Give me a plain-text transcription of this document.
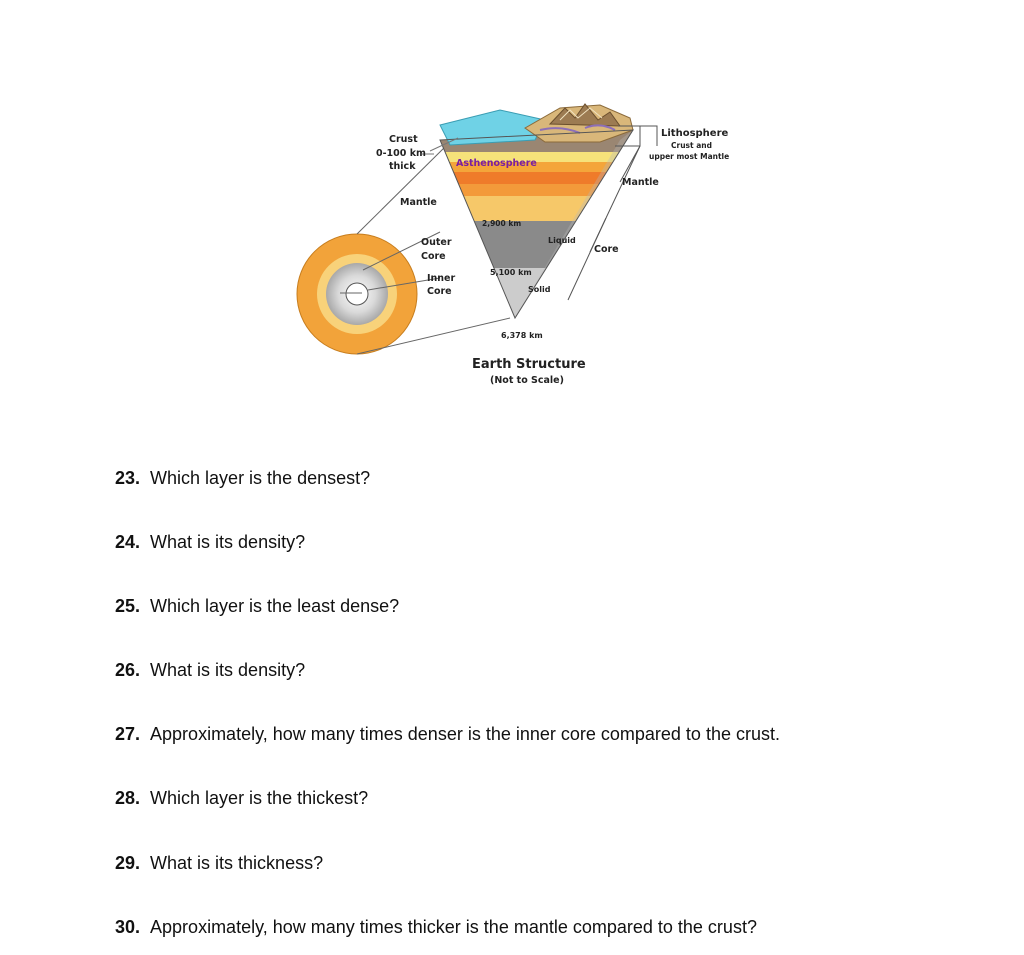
Crust
0-100 km
thick
Mantle
Outer
Core
Inner
Core
Asthenosphere
2,900 km
Liquid
5,100 km
Solid
6,378 km
Lithosphere
Crust and
upper most Mantle
Mantle
Core
Earth Structure
(Not to Scale)
23. Which layer is the densest?
24. What is its density?
25. Which layer is the least dense?
26. What is its density?
27. Approximately, how many times denser is the inner core compared to the crust.
28. Which layer is the thickest?
29. What is its thickness?
30. Approximately, how many times thicker is the mantle compared to the crust?
